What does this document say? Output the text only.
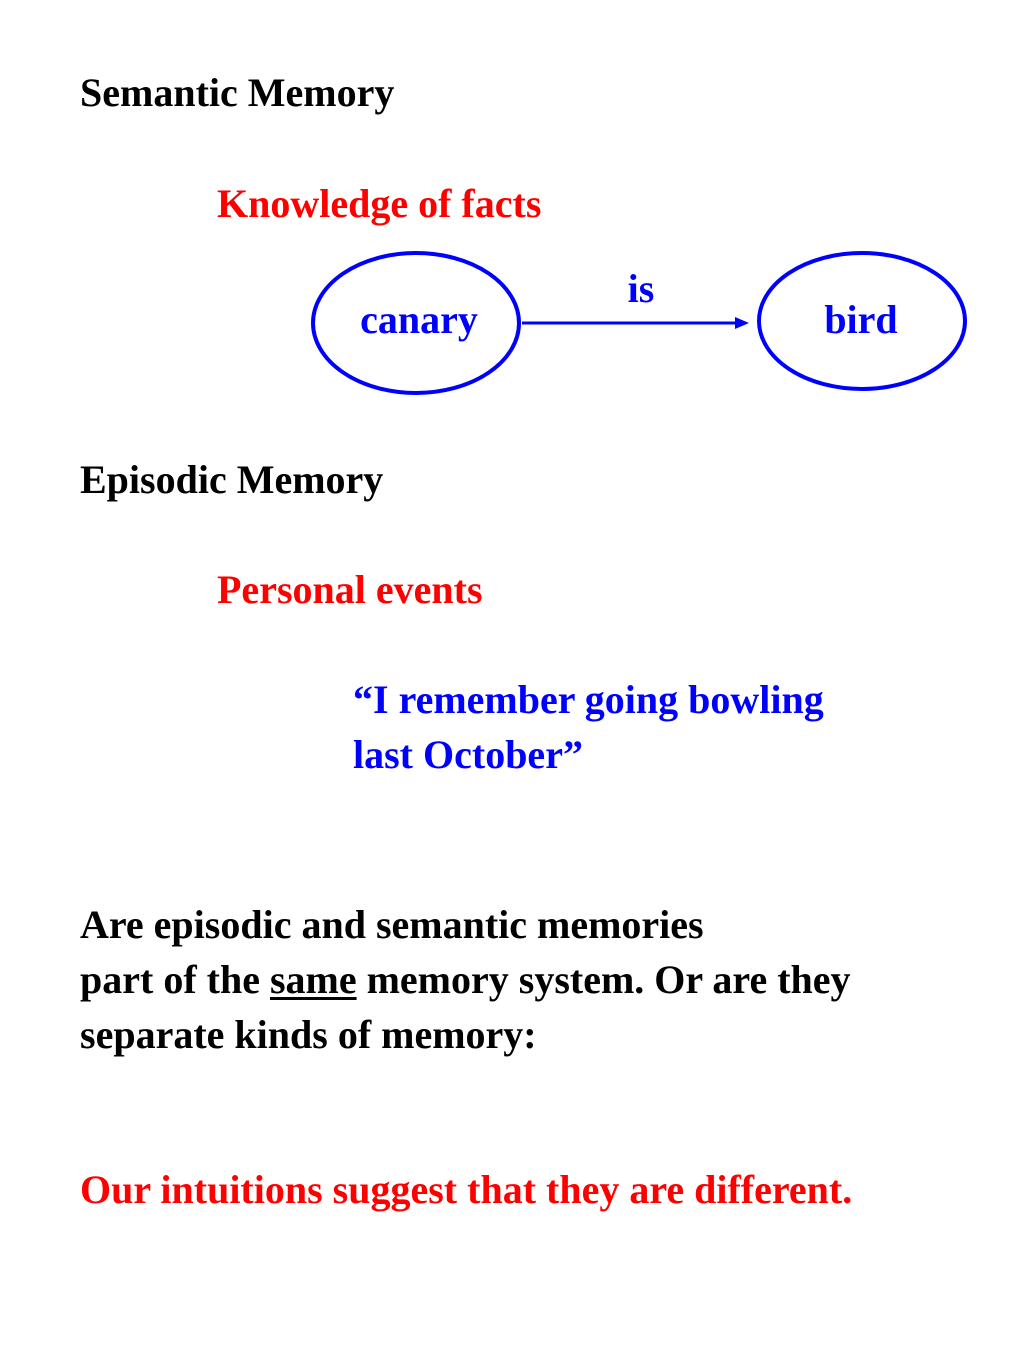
Semantic Memory
Knowledge of facts
canary	bird
is
Episodic Memory
Personal events
“I remember going bowling
last October”
Are episodic and semantic memories
part of the same memory system. Or are they
separate kinds of memory:
Our intuitions suggest that they are different.
